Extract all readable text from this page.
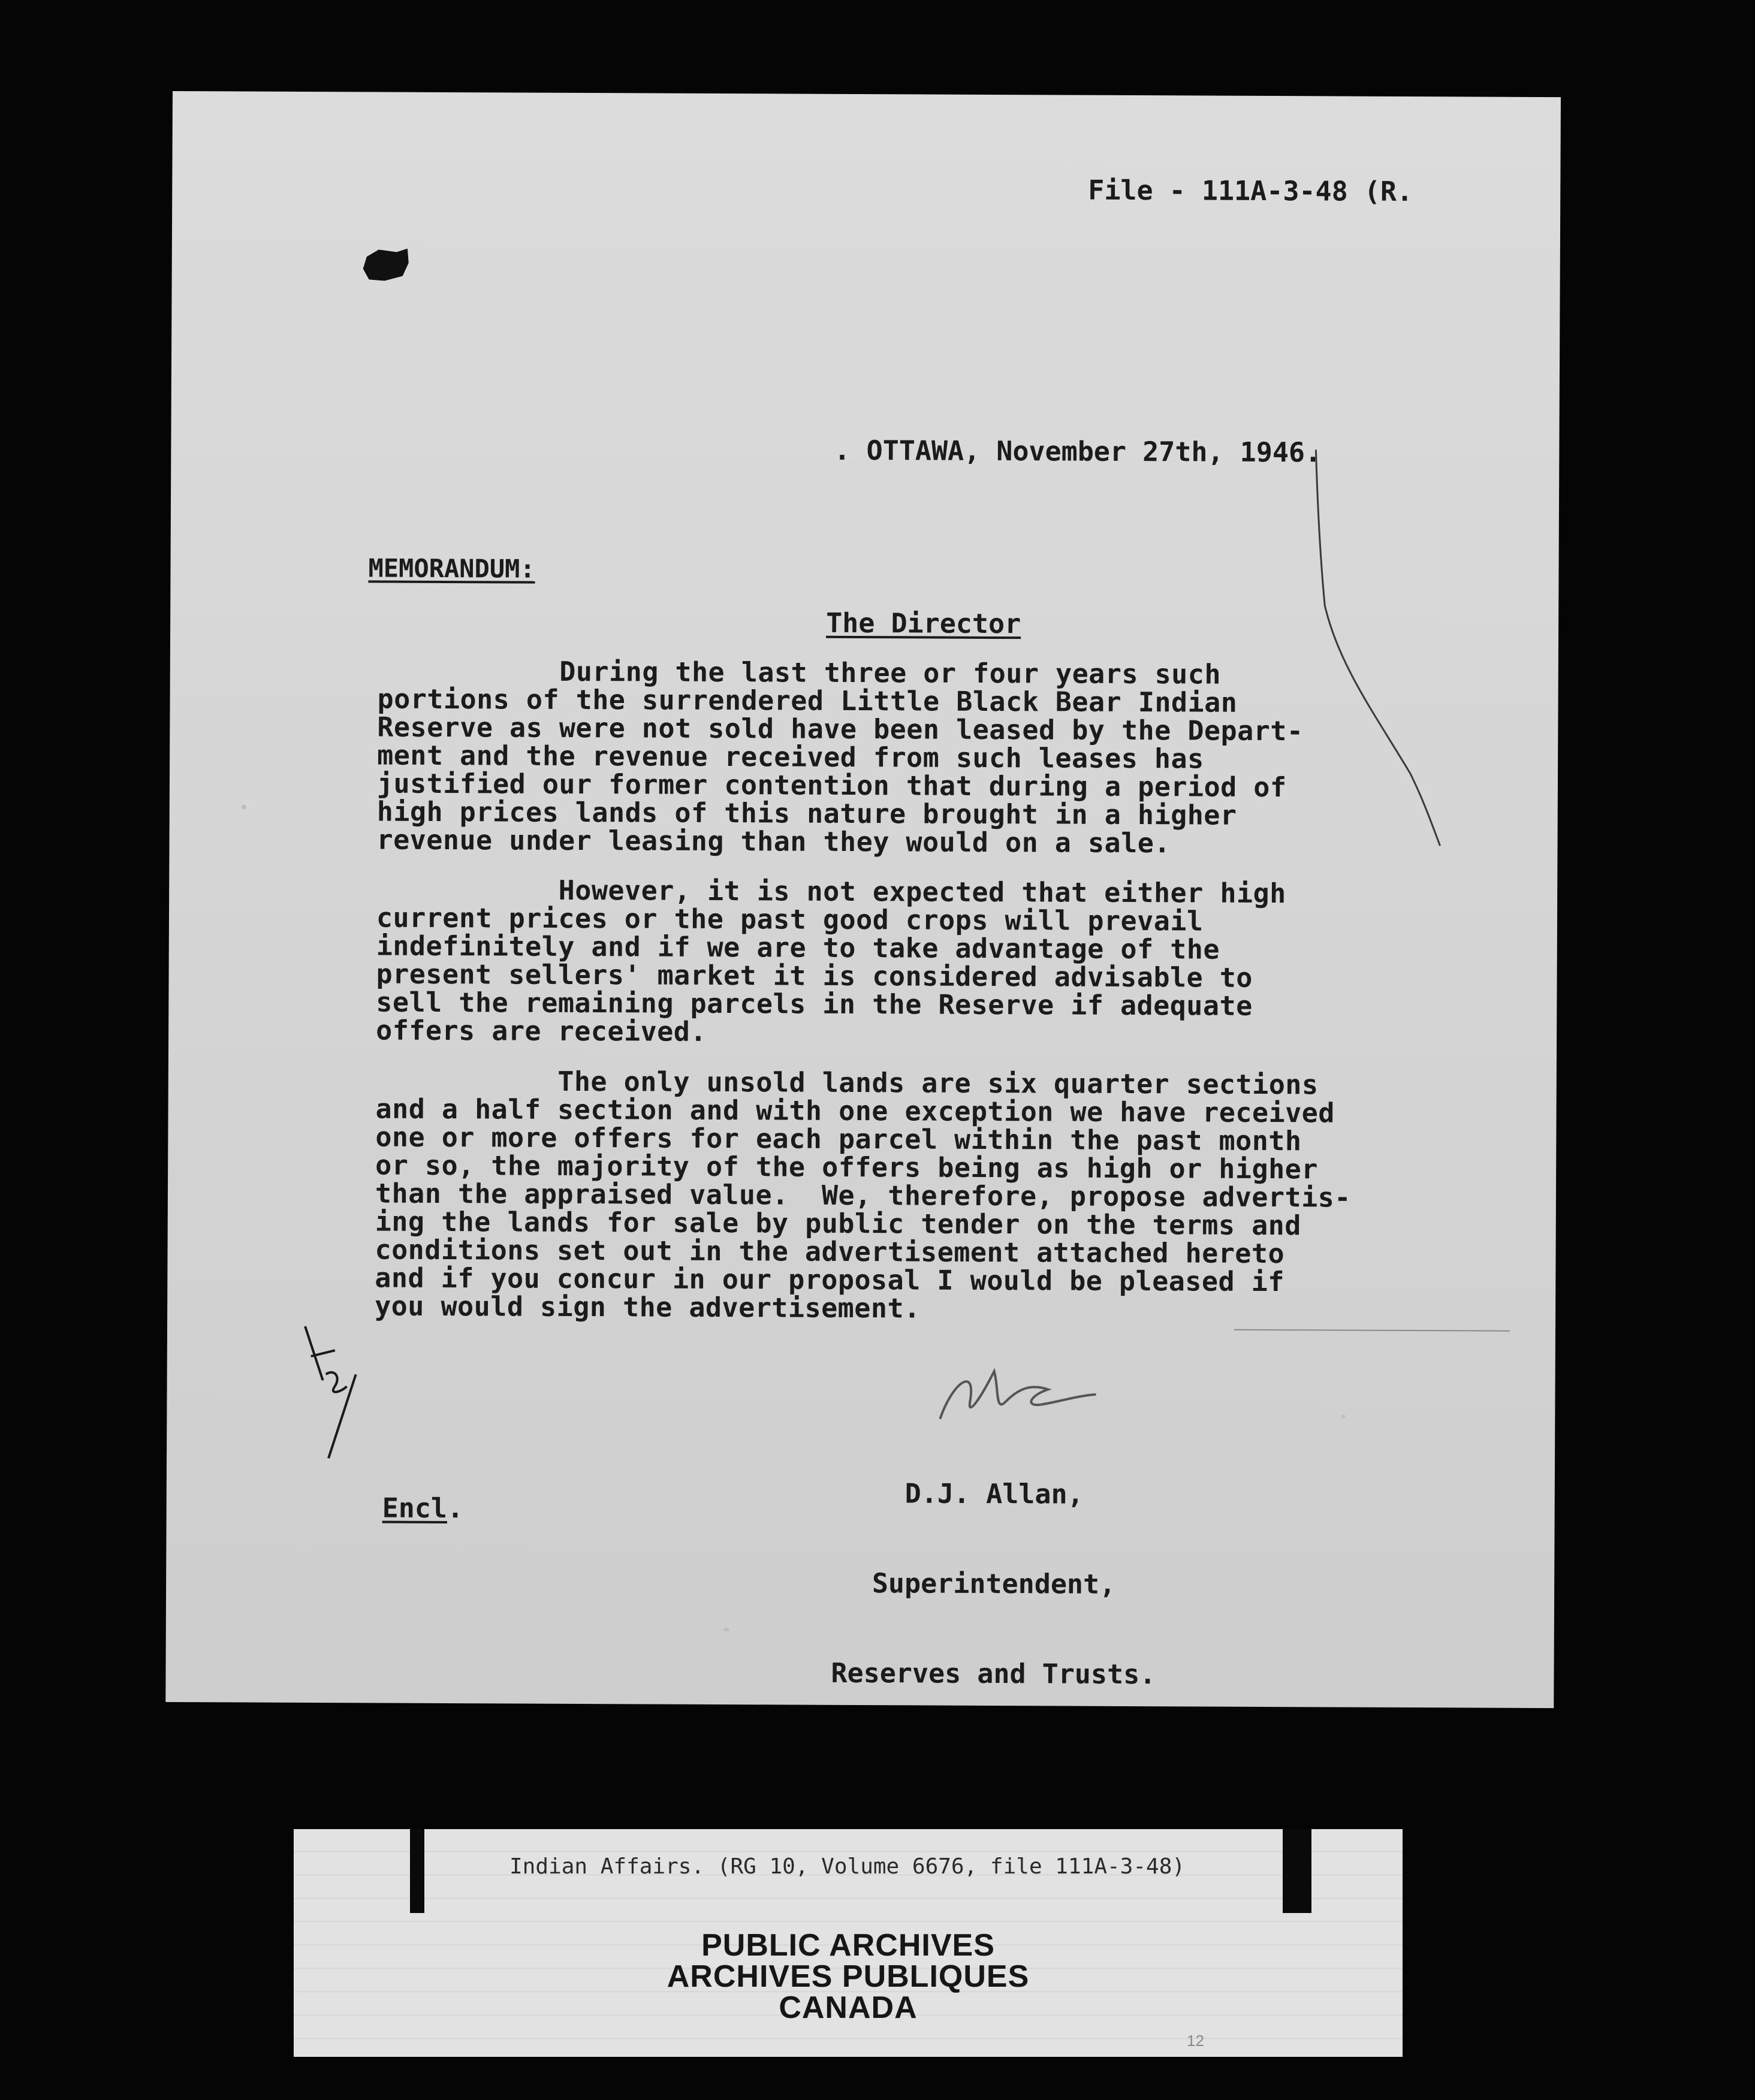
File - 111A-3-48 (R.
. OTTAWA, November 27th, 1946.
MEMORANDUM:
The Director
During the last three or four years such
portions of the surrendered Little Black Bear Indian
Reserve as were not sold have been leased by the Depart-
ment and the revenue received from such leases has
justified our former contention that during a period of
high prices lands of this nature brought in a higher
revenue under leasing than they would on a sale.
However, it is not expected that either high
current prices or the past good crops will prevail
indefinitely and if we are to take advantage of the
present sellers' market it is considered advisable to
sell the remaining parcels in the Reserve if adequate
offers are received.
The only unsold lands are six quarter sections
and a half section and with one exception we have received
one or more offers for each parcel within the past month
or so, the majority of the offers being as high or higher
than the appraised value.  We, therefore, propose advertis-
ing the lands for sale by public tender on the terms and
conditions set out in the advertisement attached hereto
and if you concur in our proposal I would be pleased if
you would sign the advertisement.

D.J. Allan,

Superintendent,

Reserves and Trusts.

Encl.
Indian Affairs. (RG 10, Volume 6676, file 111A-3-48)
PUBLIC ARCHIVES
ARCHIVES PUBLIQUES
CANADA
12
